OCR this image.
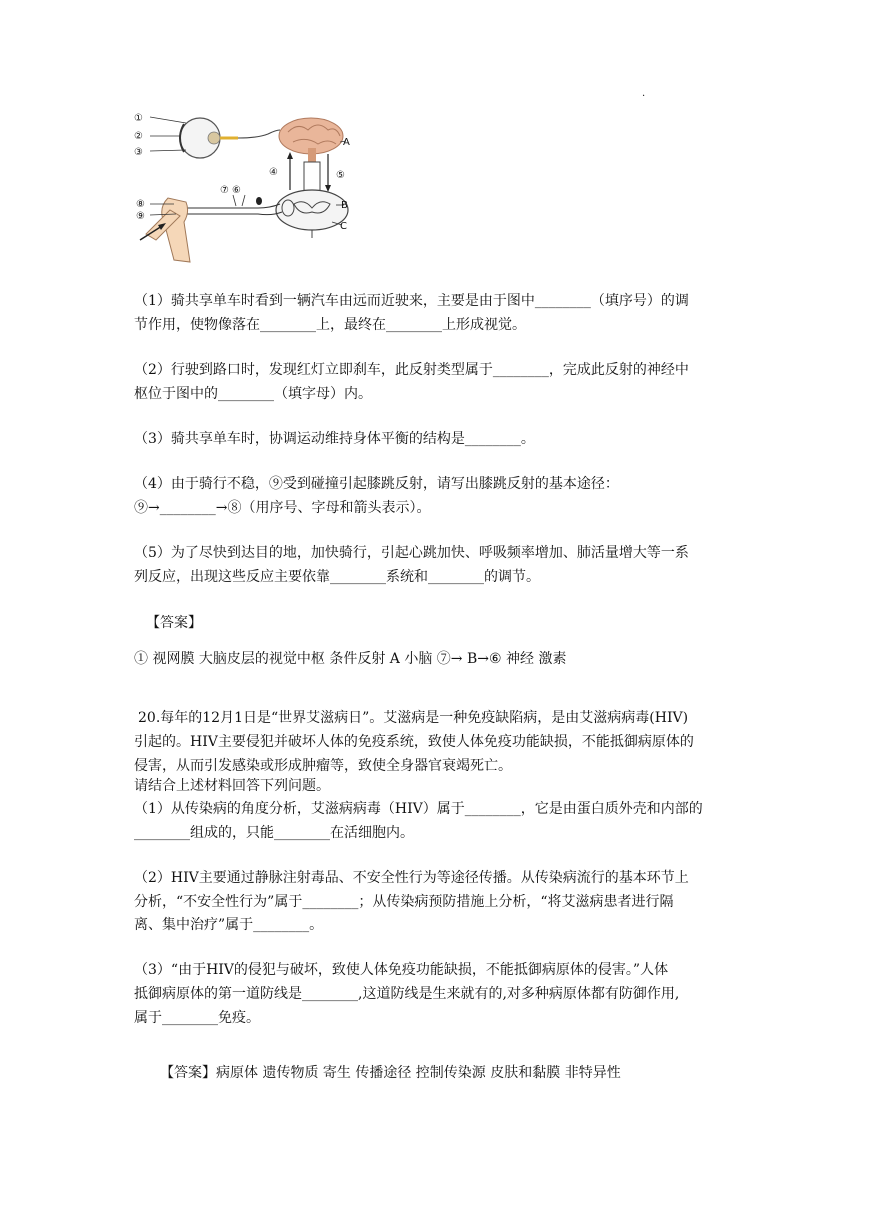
.
①
②
③
④	⑤
⑦ ⑥
⑧
⑨
A
B
C
（1）骑共享单车时看到一辆汽车由远而近驶来，主要是由于图中________（填序号）的调
节作用，使物像落在________上，最终在________上形成视觉。
（2）行驶到路口时，发现红灯立即刹车，此反射类型属于________，完成此反射的神经中
枢位于图中的________（填字母）内。
（3）骑共享单车时，协调运动维持身体平衡的结构是________。
（4）由于骑行不稳，⑨受到碰撞引起膝跳反射，请写出膝跳反射的基本途径：
⑨→________→⑧（用序号、字母和箭头表示）。
（5）为了尽快到达目的地，加快骑行，引起心跳加快、呼吸频率增加、肺活量增大等一系
列反应，出现这些反应主要依靠________系统和________的调节。
【答案】
① 视网膜 大脑皮层的视觉中枢 条件反射 A 小脑 ⑦→ B→⑥ 神经 激素
20.每年的12月1日是“世界艾滋病日”。艾滋病是一种免疫缺陷病，是由艾滋病病毒(HIV)
引起的。HIV主要侵犯并破坏人体的免疫系统，致使人体免疫功能缺损，不能抵御病原体的
侵害，从而引发感染或形成肿瘤等，致使全身器官衰竭死亡。
请结合上述材料回答下列问题。
（1）从传染病的角度分析，艾滋病病毒（HIV）属于________，它是由蛋白质外壳和内部的
________组成的，只能________在活细胞内。
（2）HIV主要通过静脉注射毒品、不安全性行为等途径传播。从传染病流行的基本环节上
分析，“不安全性行为”属于________；从传染病预防措施上分析，“将艾滋病患者进行隔
离、集中治疗”属于________。
（3）“由于HIV的侵犯与破坏，致使人体免疫功能缺损，不能抵御病原体的侵害。”人体
抵御病原体的第一道防线是________,这道防线是生来就有的,对多种病原体都有防御作用,
属于________免疫。
【答案】病原体 遗传物质 寄生 传播途径 控制传染源 皮肤和黏膜 非特异性
